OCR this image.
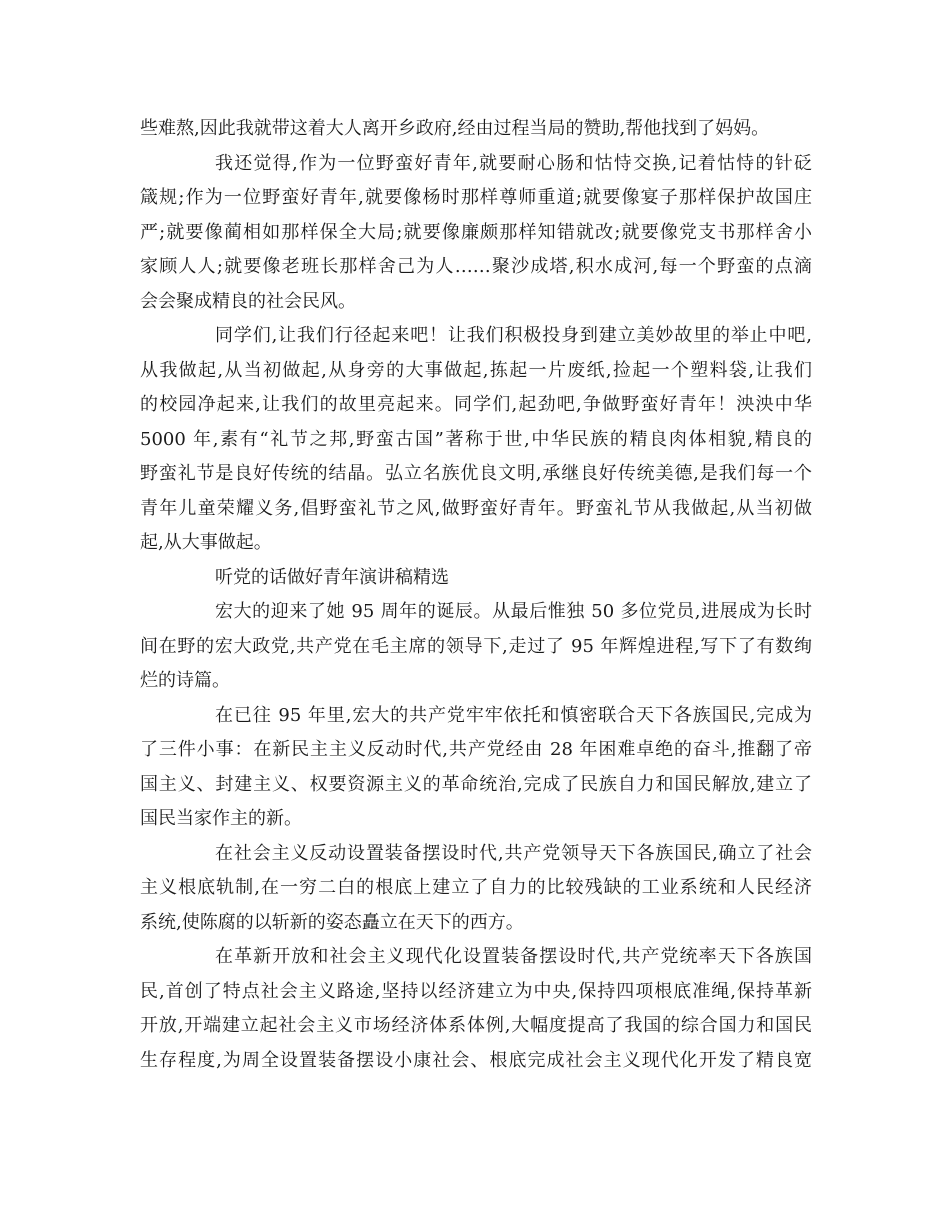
些难熬,因此我就带这着大人离开乡政府,经由过程当局的赞助,帮他找到了妈妈。
我还觉得,作为一位野蛮好青年,就要耐心肠和怙恃交换,记着怙恃的针砭
箴规;作为一位野蛮好青年,就要像杨时那样尊师重道;就要像宴子那样保护故国庄
严;就要像蔺相如那样保全大局;就要像廉颇那样知错就改;就要像党支书那样舍小
家顾人人;就要像老班长那样舍己为人……聚沙成塔,积水成河,每一个野蛮的点滴
会会聚成精良的社会民风。
同学们,让我们行径起来吧！让我们积极投身到建立美妙故里的举止中吧,
从我做起,从当初做起,从身旁的大事做起,拣起一片废纸,捡起一个塑料袋,让我们
的校园净起来,让我们的故里亮起来。同学们,起劲吧,争做野蛮好青年！泱泱中华
5000 年,素有“礼节之邦,野蛮古国”著称于世,中华民族的精良肉体相貌,精良的
野蛮礼节是良好传统的结晶。弘立名族优良文明,承继良好传统美德,是我们每一个
青年儿童荣耀义务,倡野蛮礼节之风,做野蛮好青年。野蛮礼节从我做起,从当初做
起,从大事做起。
听党的话做好青年演讲稿精选
宏大的迎来了她 95 周年的诞辰。从最后惟独 50 多位党员,进展成为长时
间在野的宏大政党,共产党在毛主席的领导下,走过了 95 年辉煌进程,写下了有数绚
烂的诗篇。
在已往 95 年里,宏大的共产党牢牢依托和慎密联合天下各族国民,完成为
了三件小事：在新民主主义反动时代,共产党经由 28 年困难卓绝的奋斗,推翻了帝
国主义、封建主义、权要资源主义的革命统治,完成了民族自力和国民解放,建立了
国民当家作主的新。
在社会主义反动设置装备摆设时代,共产党领导天下各族国民,确立了社会
主义根底轨制,在一穷二白的根底上建立了自力的比较残缺的工业系统和人民经济
系统,使陈腐的以斩新的姿态矗立在天下的西方。
在革新开放和社会主义现代化设置装备摆设时代,共产党统率天下各族国
民,首创了特点社会主义路途,坚持以经济建立为中央,保持四项根底准绳,保持革新
开放,开端建立起社会主义市场经济体系体例,大幅度提高了我国的综合国力和国民
生存程度,为周全设置装备摆设小康社会、根底完成社会主义现代化开发了精良宽
